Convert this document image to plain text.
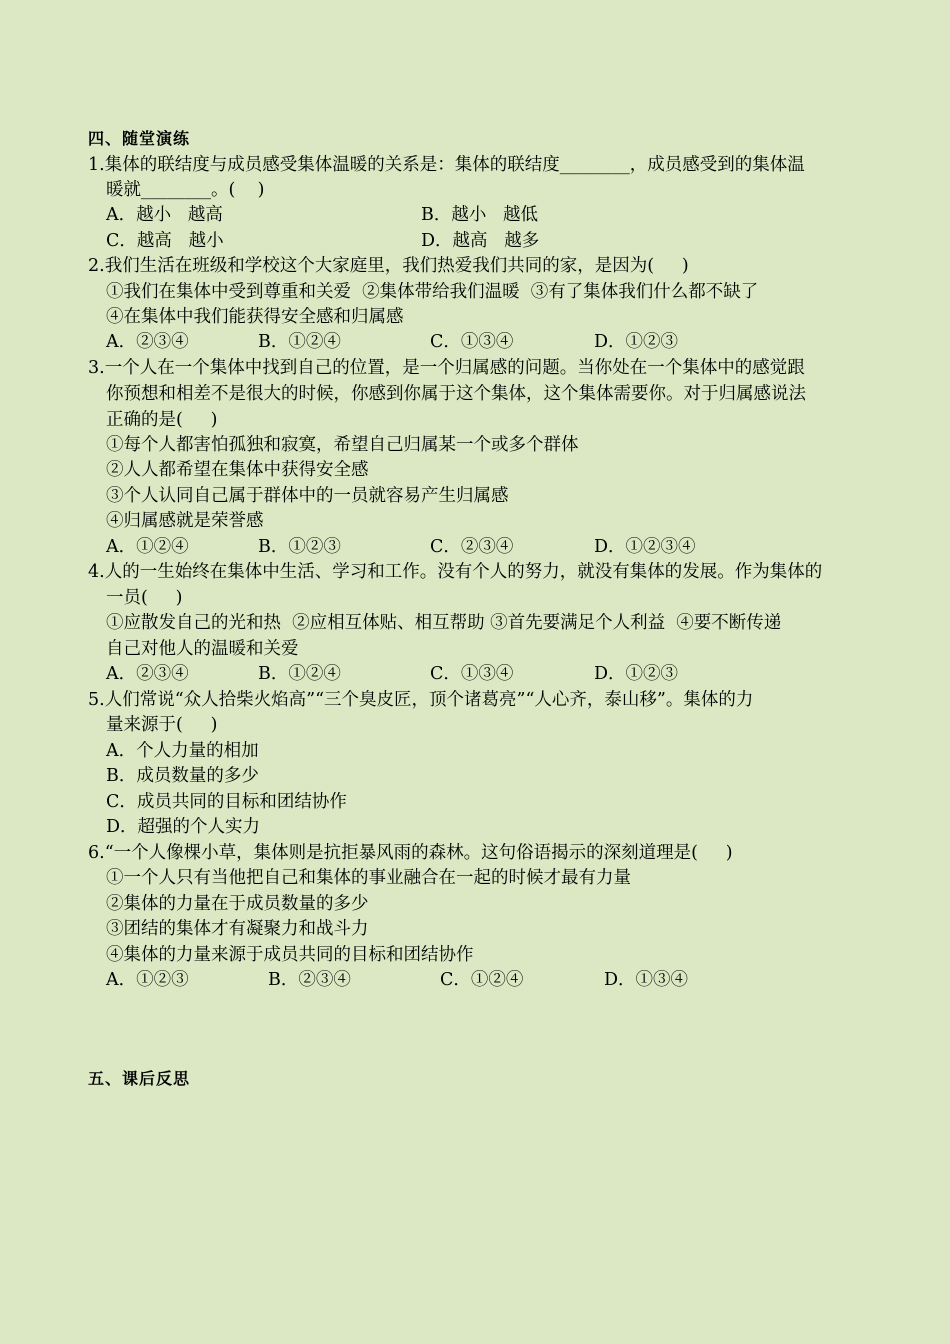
四、随堂演练
1.集体的联结度与成员感受集体温暖的关系是：集体的联结度________，成员感受到的集体温
暖就________。(    )
A．越小   越高	B．越小   越低
C．越高   越小	D．越高   越多
2.我们生活在班级和学校这个大家庭里，我们热爱我们共同的家，是因为(     )
①我们在集体中受到尊重和关爱  ②集体带给我们温暖  ③有了集体我们什么都不缺了
④在集体中我们能获得安全感和归属感
A．②③④	B．①②④	C．①③④	D．①②③
3.一个人在一个集体中找到自己的位置，是一个归属感的问题。当你处在一个集体中的感觉跟
你预想和相差不是很大的时候，你感到你属于这个集体，这个集体需要你。对于归属感说法
正确的是(     )
①每个人都害怕孤独和寂寞，希望自己归属某一个或多个群体
②人人都希望在集体中获得安全感
③个人认同自己属于群体中的一员就容易产生归属感
④归属感就是荣誉感
A．①②④	B．①②③	C．②③④	D．①②③④
4.人的一生始终在集体中生活、学习和工作。没有个人的努力，就没有集体的发展。作为集体的
一员(     )
①应散发自己的光和热  ②应相互体贴、相互帮助 ③首先要满足个人利益  ④要不断传递
自己对他人的温暖和关爱
A．②③④	B．①②④	C．①③④	D．①②③
5.人们常说“众人拾柴火焰高”“三个臭皮匠，顶个诸葛亮”“人心齐，泰山移”。集体的力
量来源于(     )
A．个人力量的相加
B．成员数量的多少
C．成员共同的目标和团结协作
D．超强的个人实力
6.“一个人像棵小草，集体则是抗拒暴风雨的森林。这句俗语揭示的深刻道理是(     )
①一个人只有当他把自己和集体的事业融合在一起的时候才最有力量
②集体的力量在于成员数量的多少
③团结的集体才有凝聚力和战斗力
④集体的力量来源于成员共同的目标和团结协作
A．①②③	B．②③④	C．①②④	D．①③④
五、课后反思
